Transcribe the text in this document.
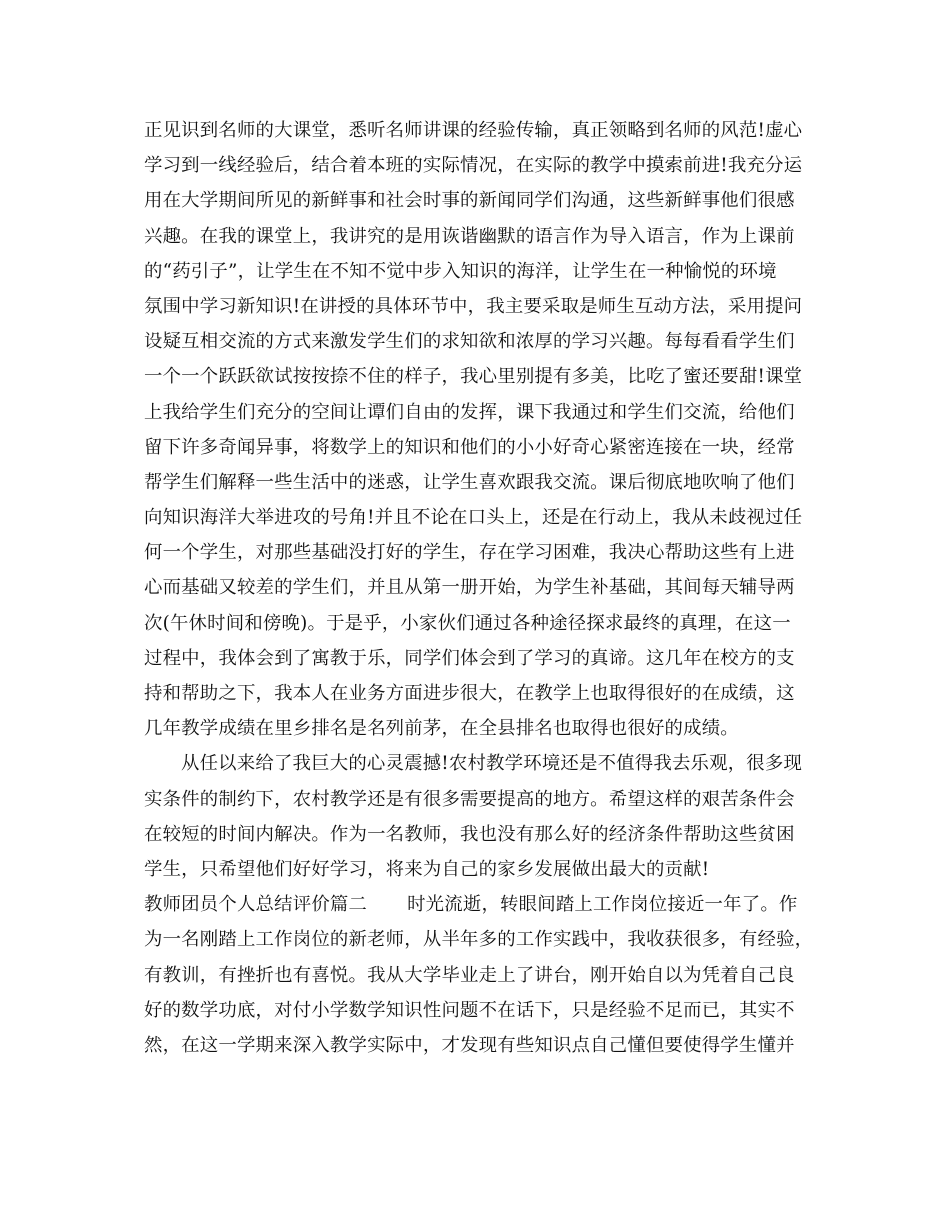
正见识到名师的大课堂，悉听名师讲课的经验传输，真正领略到名师的风范!虚心
学习到一线经验后，结合着本班的实际情况，在实际的教学中摸索前进!我充分运
用在大学期间所见的新鲜事和社会时事的新闻同学们沟通，这些新鲜事他们很感
兴趣。在我的课堂上，我讲究的是用诙谐幽默的语言作为导入语言，作为上课前
的“药引子”，让学生在不知不觉中步入知识的海洋，让学生在一种愉悦的环境
氛围中学习新知识!在讲授的具体环节中，我主要采取是师生互动方法，采用提问
设疑互相交流的方式来激发学生们的求知欲和浓厚的学习兴趣。每每看看学生们
一个一个跃跃欲试按按捺不住的样子，我心里别提有多美，比吃了蜜还要甜!课堂
上我给学生们充分的空间让谭们自由的发挥，课下我通过和学生们交流，给他们
留下许多奇闻异事，将数学上的知识和他们的小小好奇心紧密连接在一块，经常
帮学生们解释一些生活中的迷惑，让学生喜欢跟我交流。课后彻底地吹响了他们
向知识海洋大举进攻的号角!并且不论在口头上，还是在行动上，我从未歧视过任
何一个学生，对那些基础没打好的学生，存在学习困难，我决心帮助这些有上进
心而基础又较差的学生们，并且从第一册开始，为学生补基础，其间每天辅导两
次(午休时间和傍晚)。于是乎，小家伙们通过各种途径探求最终的真理，在这一
过程中，我体会到了寓教于乐，同学们体会到了学习的真谛。这几年在校方的支
持和帮助之下，我本人在业务方面进步很大，在教学上也取得很好的在成绩，这
几年教学成绩在里乡排名是名列前茅，在全县排名也取得也很好的成绩。
从任以来给了我巨大的心灵震撼!农村教学环境还是不值得我去乐观，很多现
实条件的制约下，农村教学还是有很多需要提高的地方。希望这样的艰苦条件会
在较短的时间内解决。作为一名教师，我也没有那么好的经济条件帮助这些贫困
学生，只希望他们好好学习，将来为自己的家乡发展做出最大的贡献!
教师团员个人总结评价篇二 时光流逝，转眼间踏上工作岗位接近一年了。作
为一名刚踏上工作岗位的新老师，从半年多的工作实践中，我收获很多，有经验，
有教训，有挫折也有喜悦。我从大学毕业走上了讲台，刚开始自以为凭着自己良
好的数学功底，对付小学数学知识性问题不在话下，只是经验不足而已，其实不
然，在这一学期来深入教学实际中，才发现有些知识点自己懂但要使得学生懂并
